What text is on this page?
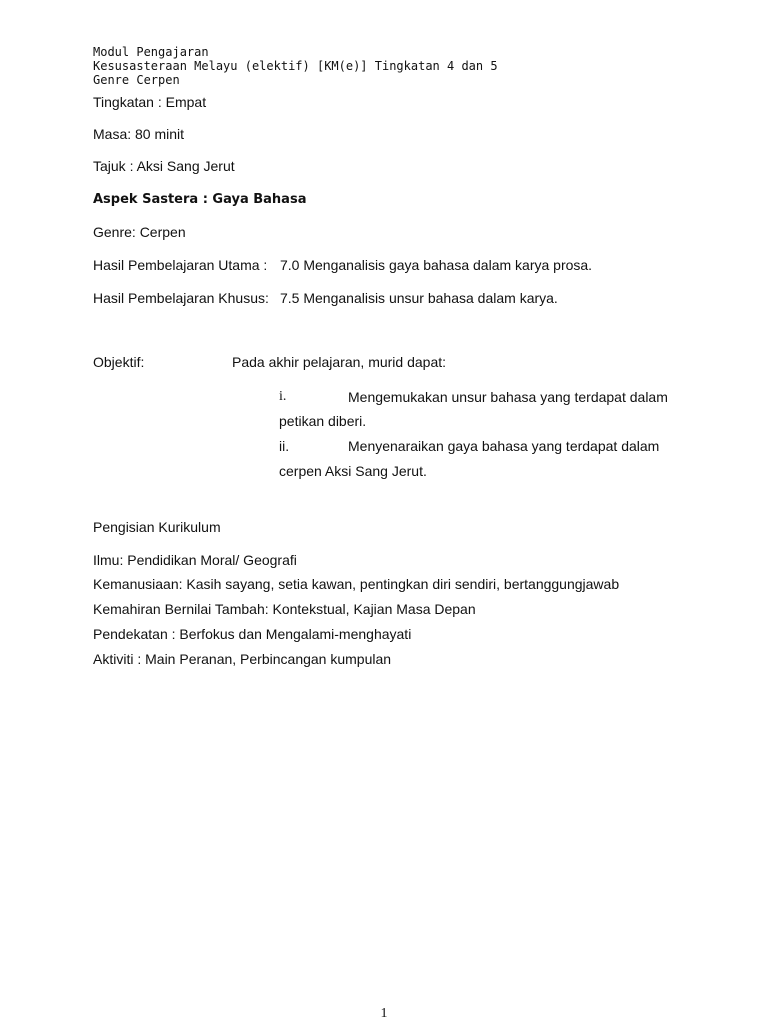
Modul Pengajaran
Kesusasteraan Melayu (elektif) [KM(e)] Tingkatan 4 dan 5
Genre Cerpen
Tingkatan : Empat
Masa: 80 minit
Tajuk : Aksi Sang Jerut
Aspek Sastera : Gaya Bahasa
Genre: Cerpen
Hasil Pembelajaran Utama : 7.0 Menganalisis gaya bahasa dalam karya prosa.
Hasil Pembelajaran Khusus: 7.5 Menganalisis unsur bahasa dalam karya.
Objektif:	Pada akhir pelajaran, murid dapat:
i.	Mengemukakan unsur bahasa yang terdapat dalam
petikan diberi.
ii.	Menyenaraikan gaya bahasa yang terdapat dalam
cerpen Aksi Sang Jerut.
Pengisian Kurikulum
Ilmu: Pendidikan Moral/ Geografi
Kemanusiaan: Kasih sayang, setia kawan, pentingkan diri sendiri, bertanggungjawab
Kemahiran Bernilai Tambah: Kontekstual, Kajian Masa Depan
Pendekatan : Berfokus dan Mengalami-menghayati
Aktiviti : Main Peranan, Perbincangan kumpulan
1
